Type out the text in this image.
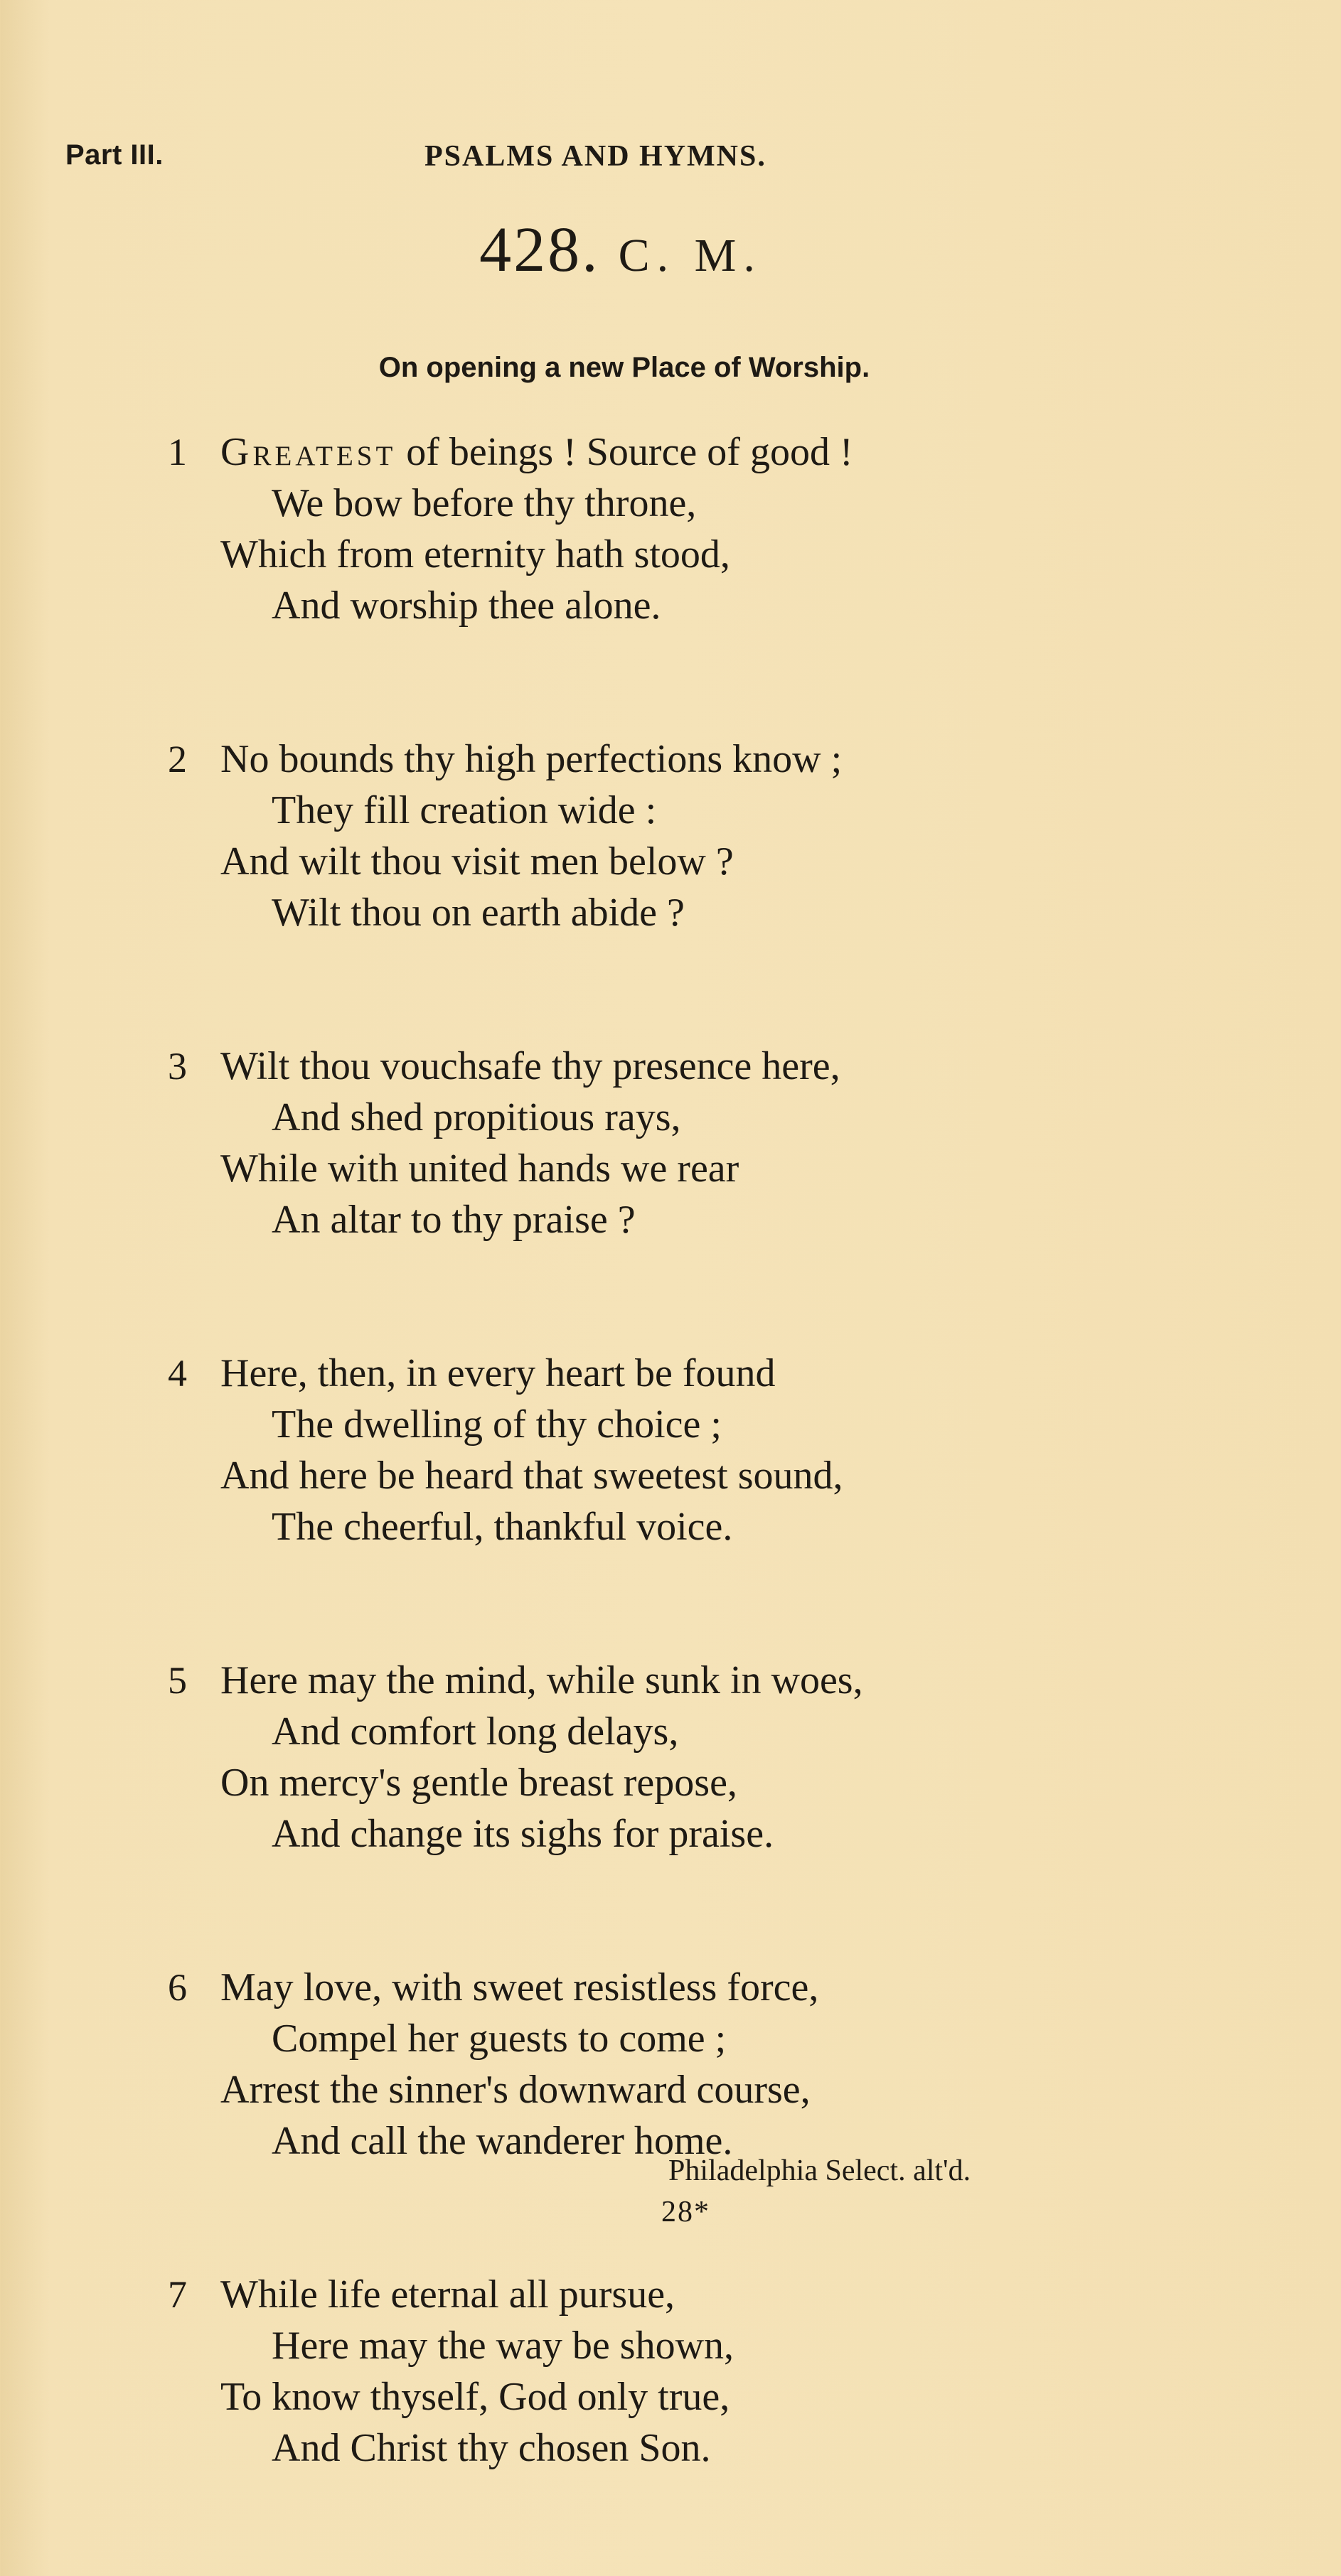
Part III.	PSALMS AND HYMNS.
428. C. M.
On opening a new Place of Worship.
1 Greatest of beings ! Source of good !
We bow before thy throne,
Which from eternity hath stood,
And worship thee alone.
2 No bounds thy high perfections know ;
They fill creation wide :
And wilt thou visit men below ?
Wilt thou on earth abide ?
3 Wilt thou vouchsafe thy presence here,
And shed propitious rays,
While with united hands we rear
An altar to thy praise ?
4 Here, then, in every heart be found
The dwelling of thy choice ;
And here be heard that sweetest sound,
The cheerful, thankful voice.
5 Here may the mind, while sunk in woes,
And comfort long delays,
On mercy's gentle breast repose,
And change its sighs for praise.
6 May love, with sweet resistless force,
Compel her guests to come ;
Arrest the sinner's downward course,
And call the wanderer home.
7 While life eternal all pursue,
Here may the way be shown,
To know thyself, God only true,
And Christ thy chosen Son.
Philadelphia Select. alt'd.
28*
